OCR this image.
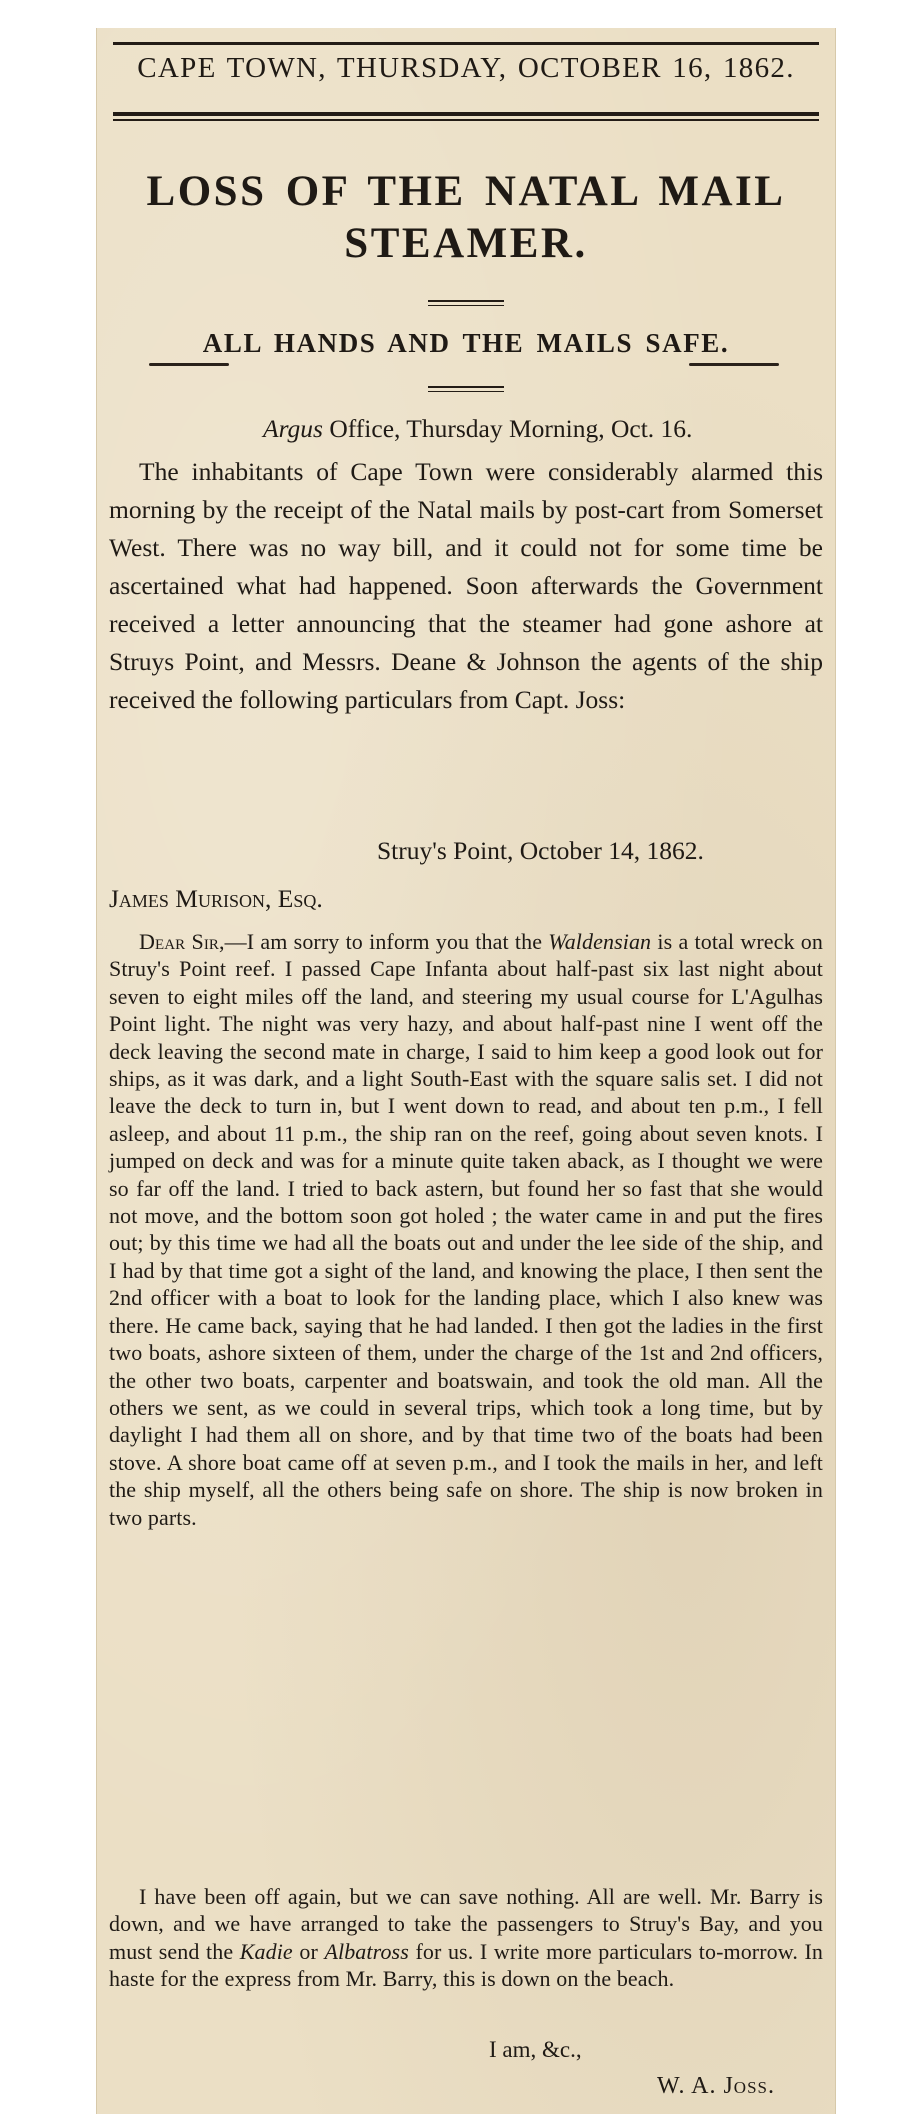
CAPE TOWN, THURSDAY, OCTOBER 16, 1862.
LOSS OF THE NATAL MAIL STEAMER.
ALL HANDS AND THE MAILS SAFE.
Argus Office, Thursday Morning, Oct. 16.
The inhabitants of Cape Town were considerably alarmed this morning by the receipt of the Natal mails by post-cart from Somerset West. There was no way bill, and it could not for some time be ascertained what had happened. Soon afterwards the Government received a letter announcing that the steamer had gone ashore at Struys Point, and Messrs. Deane & Johnson the agents of the ship received the following particulars from Capt. Joss:
Struy's Point, October 14, 1862.
James Murison, Esq.
Dear Sir,—I am sorry to inform you that the Waldensian is a total wreck on Struy's Point reef. I passed Cape Infanta about half-past six last night about seven to eight miles off the land, and steering my usual course for L'Agulhas Point light. The night was very hazy, and about half-past nine I went off the deck leaving the second mate in charge, I said to him keep a good look out for ships, as it was dark, and a light South-East with the square salis set. I did not leave the deck to turn in, but I went down to read, and about ten p.m., I fell asleep, and about 11 p.m., the ship ran on the reef, going about seven knots. I jumped on deck and was for a minute quite taken aback, as I thought we were so far off the land. I tried to back astern, but found her so fast that she would not move, and the bottom soon got holed ; the water came in and put the fires out; by this time we had all the boats out and under the lee side of the ship, and I had by that time got a sight of the land, and knowing the place, I then sent the 2nd officer with a boat to look for the landing place, which I also knew was there. He came back, saying that he had landed. I then got the ladies in the first two boats, ashore sixteen of them, under the charge of the 1st and 2nd officers, the other two boats, carpenter and boatswain, and took the old man. All the others we sent, as we could in several trips, which took a long time, but by daylight I had them all on shore, and by that time two of the boats had been stove. A shore boat came off at seven p.m., and I took the mails in her, and left the ship myself, all the others being safe on shore. The ship is now broken in two parts.
I have been off again, but we can save nothing. All are well. Mr. Barry is down, and we have arranged to take the passengers to Struy's Bay, and you must send the Kadie or Albatross for us. I write more particulars to-morrow. In haste for the express from Mr. Barry, this is down on the beach.
I am, &c.,
W. A. Joss.
